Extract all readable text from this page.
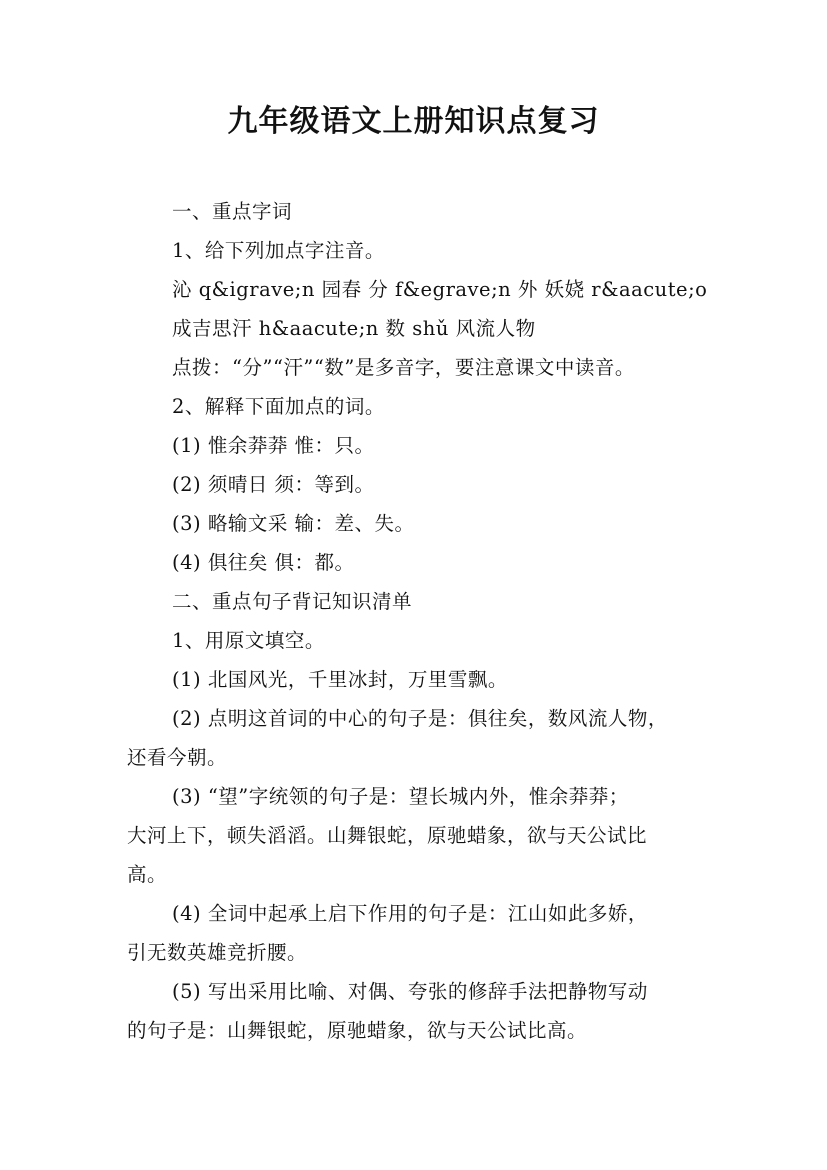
九年级语文上册知识点复习

一、重点字词

1、给下列加点字注音。

沁 q&igrave;n 园春 分 f&egrave;n 外 妖娆 r&aacute;o

成吉思汗 h&aacute;n 数 shǔ 风流人物

点拨：“分”“汗”“数”是多音字，要注意课文中读音。

2、解释下面加点的词。

(1) 惟余莽莽 惟：只。

(2) 须晴日 须：等到。

(3) 略输文采 输：差、失。

(4) 俱往矣 俱：都。

二、重点句子背记知识清单

1、用原文填空。

(1) 北国风光，千里冰封，万里雪飘。

(2) 点明这首词的中心的句子是：俱往矣，数风流人物，

还看今朝。

(3) “望”字统领的句子是：望长城内外，惟余莽莽；

大河上下，顿失滔滔。山舞银蛇，原驰蜡象，欲与天公试比

高。

(4) 全词中起承上启下作用的句子是：江山如此多娇，

引无数英雄竞折腰。

(5) 写出采用比喻、对偶、夸张的修辞手法把静物写动

的句子是：山舞银蛇，原驰蜡象，欲与天公试比高。
